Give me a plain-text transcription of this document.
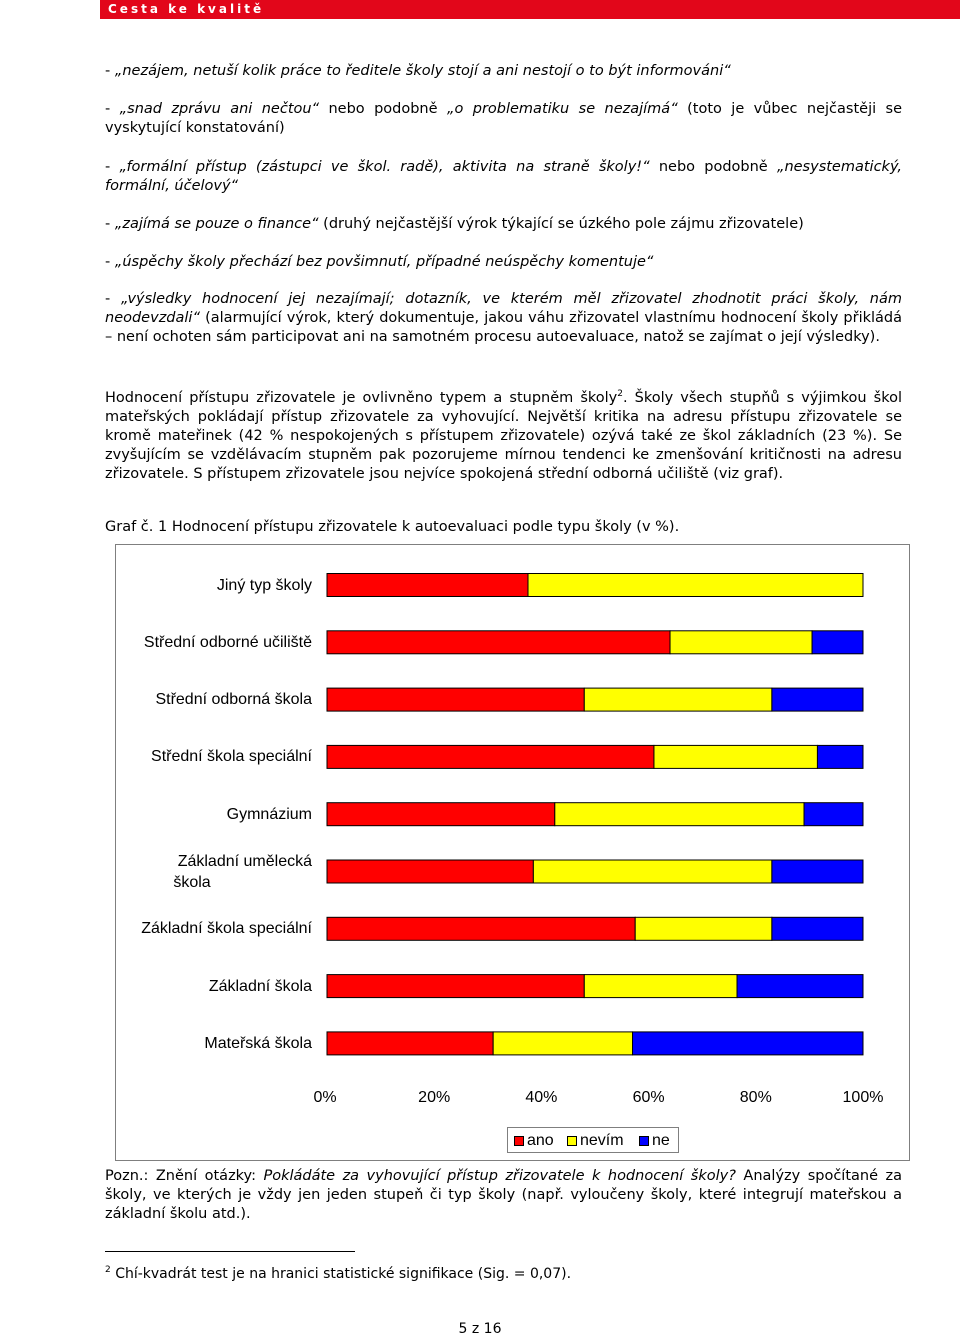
Cesta ke kvalitě
- „nezájem, netuší kolik práce to ředitele školy stojí a ani nestojí o to být informováni“
- „snad zprávu ani nečtou“ nebo podobně „o problematiku se nezajímá“ (toto je vůbec nejčastěji se vyskytující konstatování)
- „formální přístup (zástupci ve škol. radě), aktivita na straně školy!“ nebo podobně „nesystematický, formální, účelový“
- „zajímá se pouze o finance“ (druhý nejčastější výrok týkající se úzkého pole zájmu zřizovatele)
- „úspěchy školy přechází bez povšimnutí, případné neúspěchy komentuje“
- „výsledky hodnocení jej nezajímají; dotazník, ve kterém měl zřizovatel zhodnotit práci školy, nám neodevzdali“ (alarmující výrok, který dokumentuje, jakou váhu zřizovatel vlastnímu hodnocení školy přikládá – není ochoten sám participovat ani na samotném procesu autoevaluace, natož se zajímat o její výsledky).
Hodnocení přístupu zřizovatele je ovlivněno typem a stupněm školy$^2$. Školy všech stupňů s výjimkou škol mateřských pokládají přístup zřizovatele za vyhovující. Největší kritika na adresu přístupu zřizovatele se kromě mateřinek (42 % nespokojených s přístupem zřizovatele) ozývá také ze škol základních (23 %). Se zvyšujícím se vzdělávacím stupněm pak pozorujeme mírnou tendenci ke zmenšování kritičnosti na adresu zřizovatele. S přístupem zřizovatele jsou nejvíce spokojená střední odborná učiliště (viz graf).
Graf č. 1 Hodnocení přístupu zřizovatele k autoevaluaci podle typu školy (v %).
Jiný typ školy
Střední odborné učiliště
Střední odborná škola
Střední škola speciální
Gymnázium
Základní umělecká
škola
Základní škola speciální
Základní škola
Mateřská škola
0%	20%	40%	60%	80%	100%
ano nevím ne
Pozn.: Znění otázky: Pokládáte za vyhovující přístup zřizovatele k hodnocení školy? Analýzy spočítané za školy, ve kterých je vždy jen jeden stupeň či typ školy (např. vyloučeny školy, které integrují mateřskou a základní školu atd.).
$^2$ Chí-kvadrát test je na hranici statistické signifikace (Sig. = 0,07).
5 z 16
